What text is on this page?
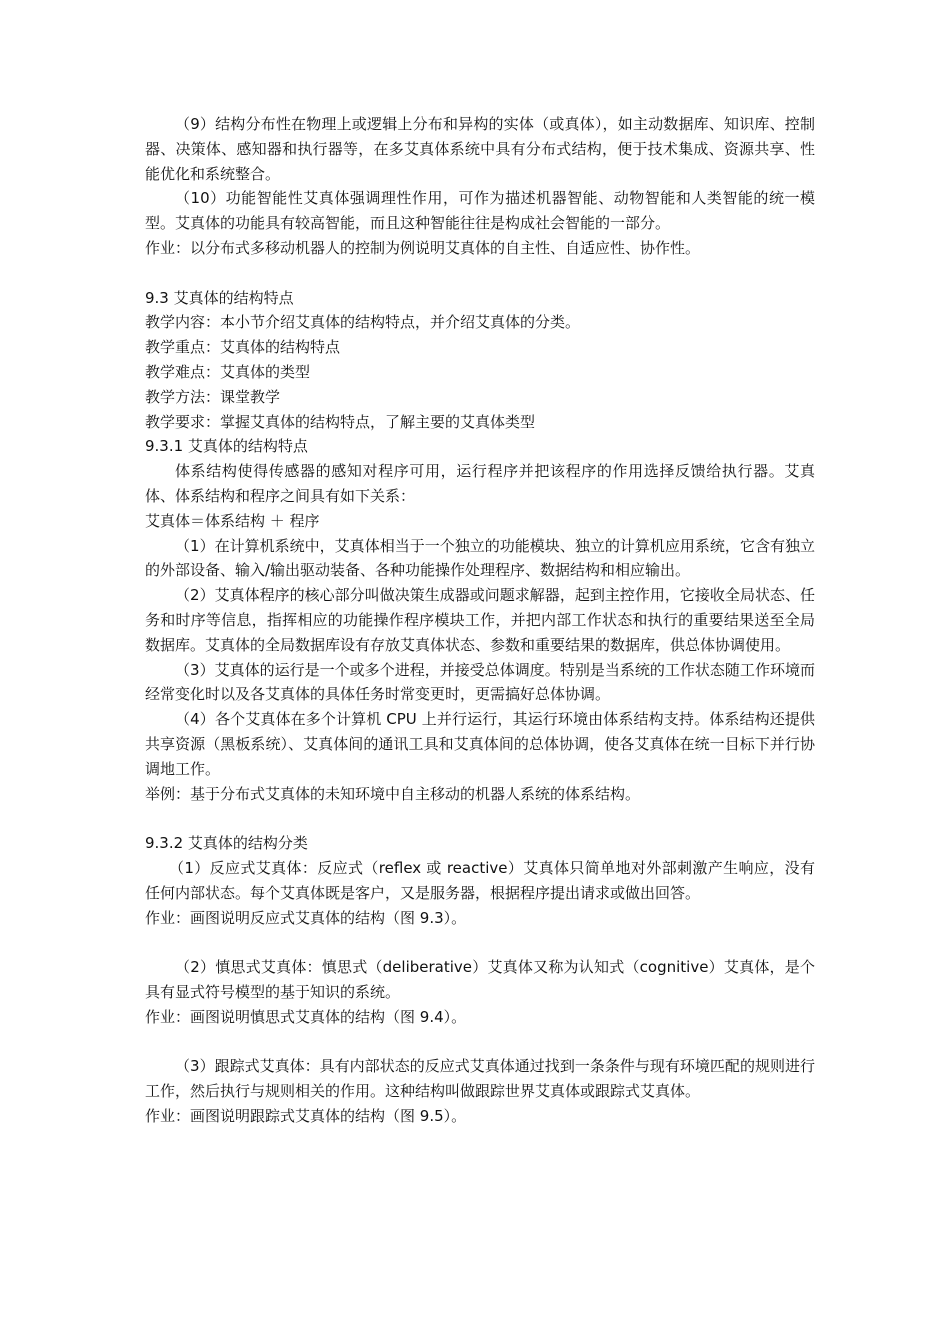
（9）结构分布性在物理上或逻辑上分布和异构的实体（或真体），如主动数据库、知识库、控制器、决策体、感知器和执行器等，在多艾真体系统中具有分布式结构，便于技术集成、资源共享、性能优化和系统整合。

（10）功能智能性艾真体强调理性作用，可作为描述机器智能、动物智能和人类智能的统一模型。艾真体的功能具有较高智能，而且这种智能往往是构成社会智能的一部分。

作业：以分布式多移动机器人的控制为例说明艾真体的自主性、自适应性、协作性。

9.3 艾真体的结构特点

教学内容：本小节介绍艾真体的结构特点，并介绍艾真体的分类。

教学重点：艾真体的结构特点

教学难点：艾真体的类型

教学方法：课堂教学

教学要求：掌握艾真体的结构特点，了解主要的艾真体类型

9.3.1 艾真体的结构特点

体系结构使得传感器的感知对程序可用，运行程序并把该程序的作用选择反馈给执行器。艾真体、体系结构和程序之间具有如下关系：

艾真体＝体系结构 ＋ 程序

（1）在计算机系统中，艾真体相当于一个独立的功能模块、独立的计算机应用系统，它含有独立的外部设备、输入/输出驱动装备、各种功能操作处理程序、数据结构和相应输出。

（2）艾真体程序的核心部分叫做决策生成器或问题求解器，起到主控作用，它接收全局状态、任务和时序等信息，指挥相应的功能操作程序模块工作，并把内部工作状态和执行的重要结果送至全局数据库。艾真体的全局数据库设有存放艾真体状态、参数和重要结果的数据库，供总体协调使用。

（3）艾真体的运行是一个或多个进程，并接受总体调度。特别是当系统的工作状态随工作环境而经常变化时以及各艾真体的具体任务时常变更时，更需搞好总体协调。

（4）各个艾真体在多个计算机 CPU 上并行运行，其运行环境由体系结构支持。体系结构还提供共享资源（黑板系统）、艾真体间的通讯工具和艾真体间的总体协调，使各艾真体在统一目标下并行协调地工作。

举例：基于分布式艾真体的未知环境中自主移动的机器人系统的体系结构。

9.3.2 艾真体的结构分类

（1）反应式艾真体：反应式（reflex 或 reactive）艾真体只简单地对外部刺激产生响应，没有任何内部状态。每个艾真体既是客户，又是服务器，根据程序提出请求或做出回答。

作业：画图说明反应式艾真体的结构（图 9.3）。

（2）慎思式艾真体：慎思式（deliberative）艾真体又称为认知式（cognitive）艾真体，是个具有显式符号模型的基于知识的系统。

作业：画图说明慎思式艾真体的结构（图 9.4）。

（3）跟踪式艾真体：具有内部状态的反应式艾真体通过找到一条条件与现有环境匹配的规则进行工作，然后执行与规则相关的作用。这种结构叫做跟踪世界艾真体或跟踪式艾真体。

作业：画图说明跟踪式艾真体的结构（图 9.5）。
